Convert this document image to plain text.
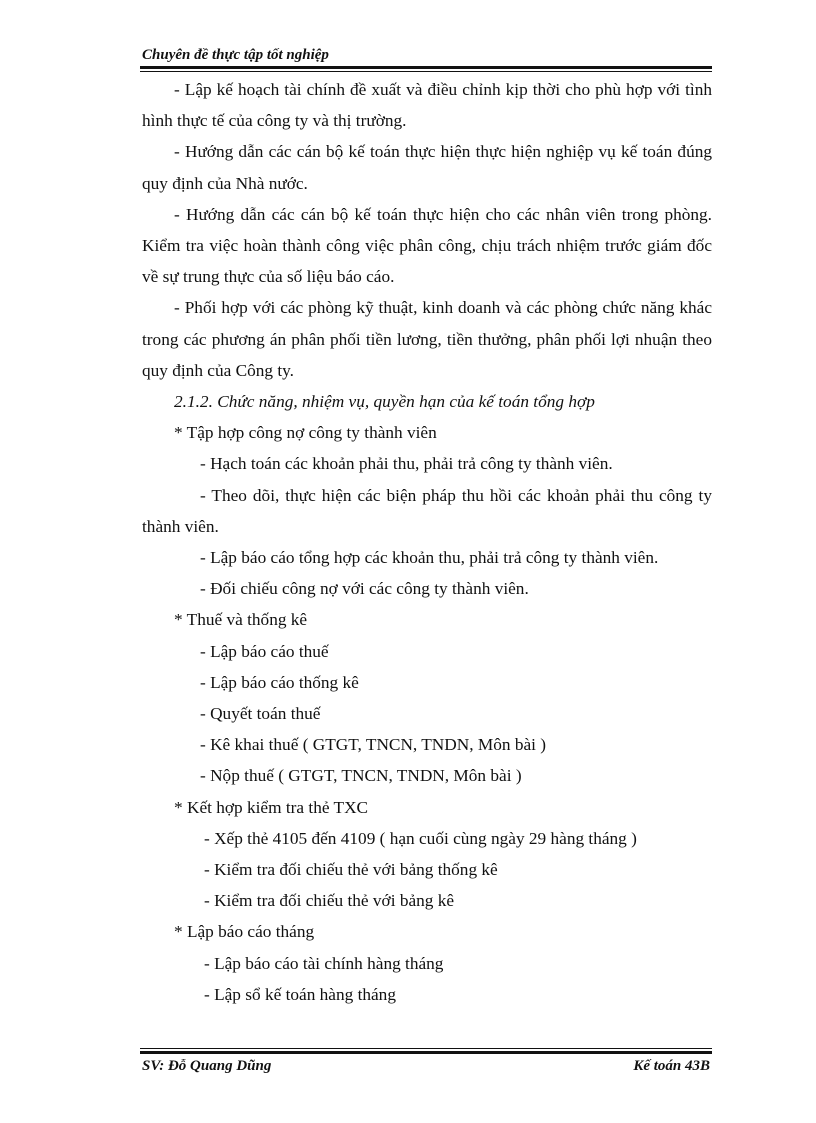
Chuyên đề thực tập tốt nghiệp

- Lập kế hoạch tài chính đề xuất và điều chỉnh kịp thời cho phù hợp với tình hình thực tế của công ty và thị trường.

- Hướng dẫn các cán bộ kế toán thực hiện thực hiện nghiệp vụ kế toán đúng quy định của Nhà nước.

- Hướng dẫn các cán bộ kế toán thực hiện cho các nhân viên trong phòng. Kiểm tra việc hoàn thành công việc phân công, chịu trách nhiệm trước giám đốc về sự trung thực của số liệu báo cáo.

- Phối hợp với các phòng kỹ thuật, kinh doanh và các phòng chức năng khác trong các phương án phân phối tiền lương, tiền thưởng, phân phối lợi nhuận theo quy định của Công ty.

2.1.2. Chức năng, nhiệm vụ, quyền hạn của kế toán tổng hợp

* Tập hợp công nợ công ty thành viên

- Hạch toán các khoản phải thu, phải trả công ty thành viên.

- Theo dõi, thực hiện các biện pháp thu hồi các khoản phải thu công ty thành viên.

- Lập báo cáo tổng hợp các khoản thu, phải trả công ty thành viên.

- Đối chiếu công nợ với các công ty thành viên.

* Thuế và thống kê

- Lập báo cáo thuế

- Lập báo cáo thống kê

- Quyết toán thuế

- Kê khai thuế ( GTGT, TNCN, TNDN, Môn bài )

- Nộp thuế ( GTGT, TNCN, TNDN, Môn bài )

* Kết hợp kiểm tra thẻ TXC

- Xếp thẻ 4105 đến 4109 ( hạn cuối cùng ngày 29 hàng tháng )

- Kiểm tra đối chiếu thẻ với bảng thống kê

- Kiểm tra đối chiếu thẻ với bảng kê

* Lập báo cáo tháng

- Lập báo cáo tài chính hàng tháng

- Lập sổ kế toán hàng tháng

SV: Đỗ Quang Dũng	Kế toán 43B
